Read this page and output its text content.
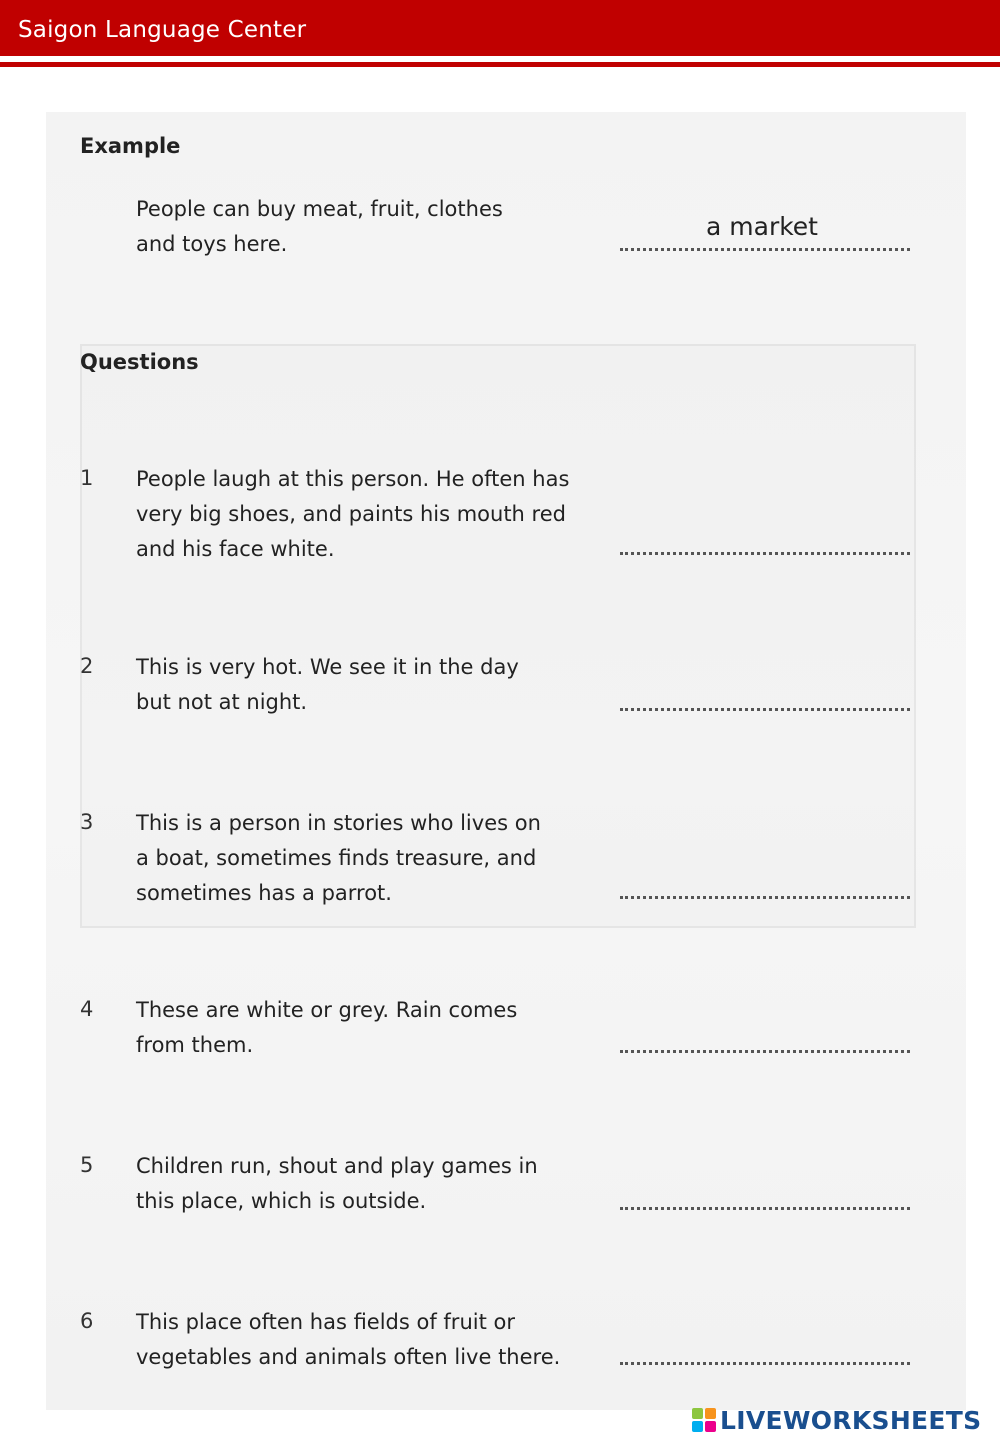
Saigon Language Center
Example
People can buy meat, fruit, clothes
and toys here.
a market
Questions
1 People laugh at this person. He often has
very big shoes, and paints his mouth red
and his face white.
2 This is very hot. We see it in the day
but not at night.
3 This is a person in stories who lives on
a boat, sometimes finds treasure, and
sometimes has a parrot.
4 These are white or grey. Rain comes
from them.
5 Children run, shout and play games in
this place, which is outside.
6 This place often has fields of fruit or
vegetables and animals often live there.
LIVEWORKSHEETS
